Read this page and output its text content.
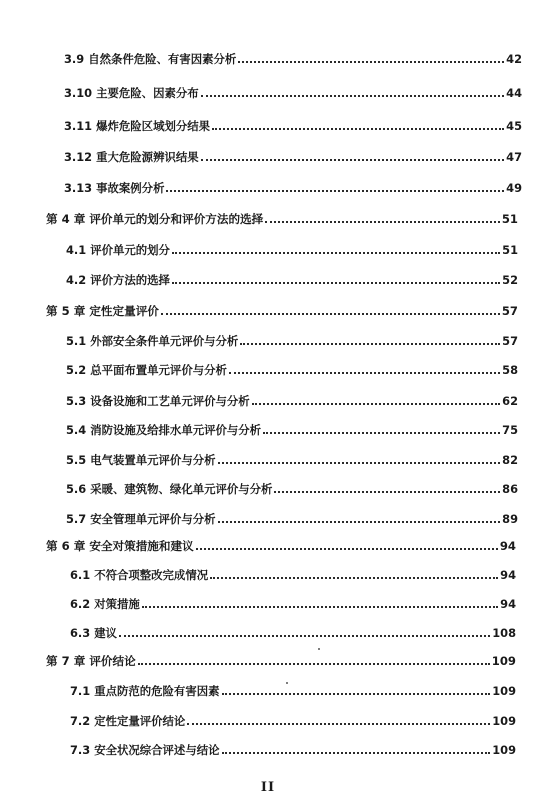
3.9 自然条件危险、有害因素分析	42
3.10 主要危险、因素分布	44
3.11 爆炸危险区域划分结果	45
3.12 重大危险源辨识结果	47
3.13 事故案例分析	49
第 4 章 评价单元的划分和评价方法的选择	51
4.1 评价单元的划分	51
4.2 评价方法的选择	52
第 5 章 定性定量评价	57
5.1 外部安全条件单元评价与分析	57
5.2 总平面布置单元评价与分析	58
5.3 设备设施和工艺单元评价与分析	62
5.4 消防设施及给排水单元评价与分析	75
5.5 电气装置单元评价与分析	82
5.6 采暖、建筑物、绿化单元评价与分析	86
5.7 安全管理单元评价与分析	89
第 6 章 安全对策措施和建议	94
6.1 不符合项整改完成情况	94
6.2 对策措施	94
6.3 建议	108
第 7 章 评价结论	109
7.1 重点防范的危险有害因素	109
7.2 定性定量评价结论	109
7.3 安全状况综合评述与结论	109
II
